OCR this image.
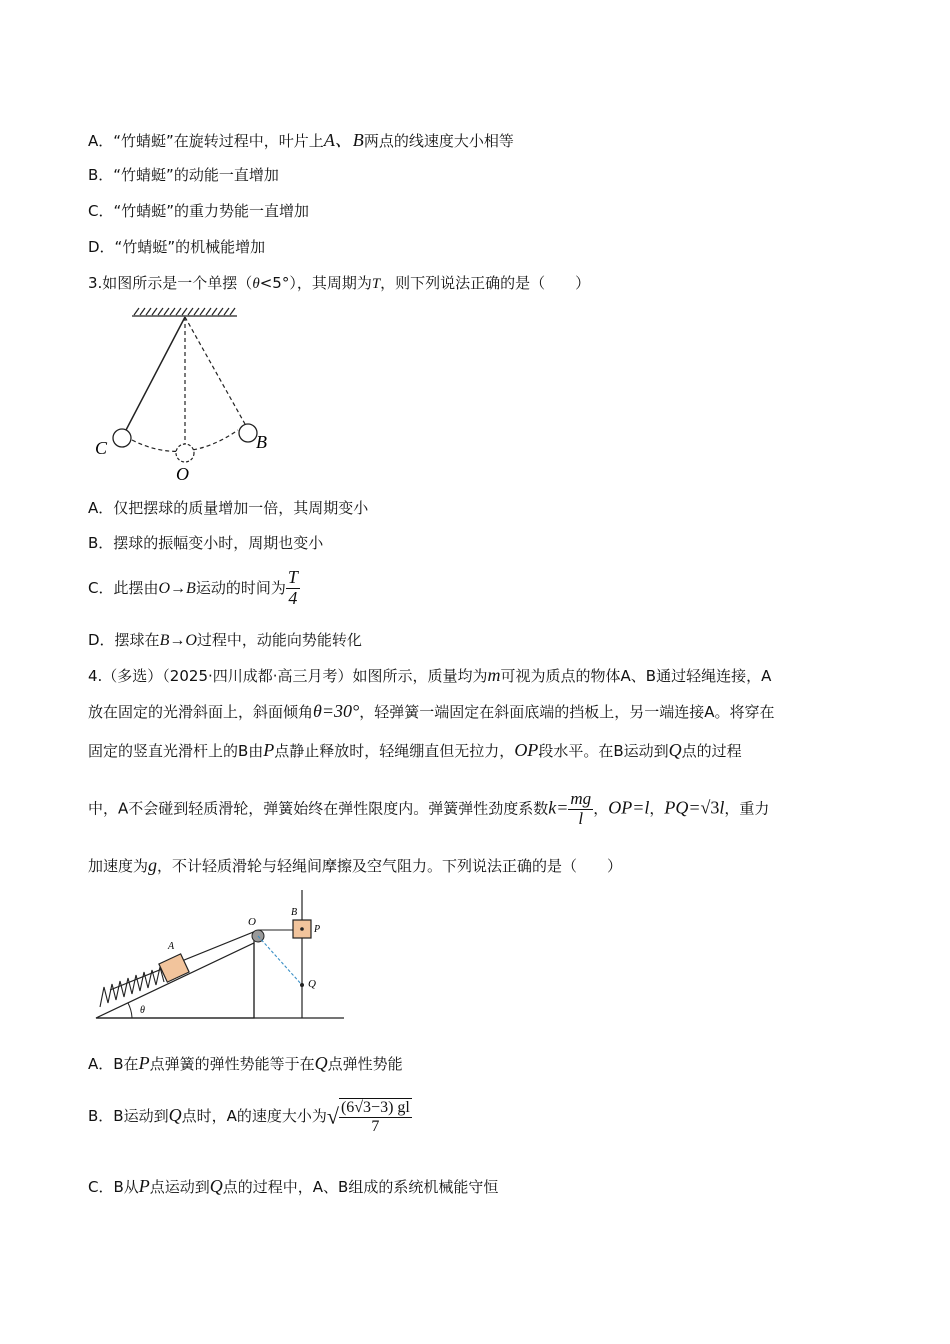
A．“竹蜻蜓”在旋转过程中，叶片上A、B两点的线速度大小相等
B．“竹蜻蜓”的动能一直增加
C．“竹蜻蜓”的重力势能一直增加
D．“竹蜻蜓”的机械能增加
3.如图所示是一个单摆（θ<5°），其周期为T，则下列说法正确的是（　　）
C
O
B
A．仅把摆球的质量增加一倍，其周期变小
B．摆球的振幅变小时，周期也变小
C．此摆由O→B运动的时间为 $\frac{T}{4}$
D．摆球在B→O过程中，动能向势能转化
4.（多选）（2025·四川成都·高三月考）如图所示，质量均为m可视为质点的物体A、B通过轻绳连接，A
放在固定的光滑斜面上，斜面倾角θ=30°，轻弹簧一端固定在斜面底端的挡板上，另一端连接A。将穿在
固定的竖直光滑杆上的B由P点静止释放时，轻绳绷直但无拉力，OP段水平。在B运动到Q点的过程
中，A不会碰到轻质滑轮，弹簧始终在弹性限度内。弹簧弹性劲度系数$k= \frac{mg}{l}$ ，OP=l，PQ=√3l，重力
加速度为g，不计轻质滑轮与轻绳间摩擦及空气阻力。下列说法正确的是（　　）
A
O
B
P
Q
θ
A．B在P点弹簧的弹性势能等于在Q点弹性势能
B．B运动到Q点时，A的速度大小为√ $\frac{(6√3-3) gl}{7}$
C．B从P点运动到Q点的过程中，A、B组成的系统机械能守恒
